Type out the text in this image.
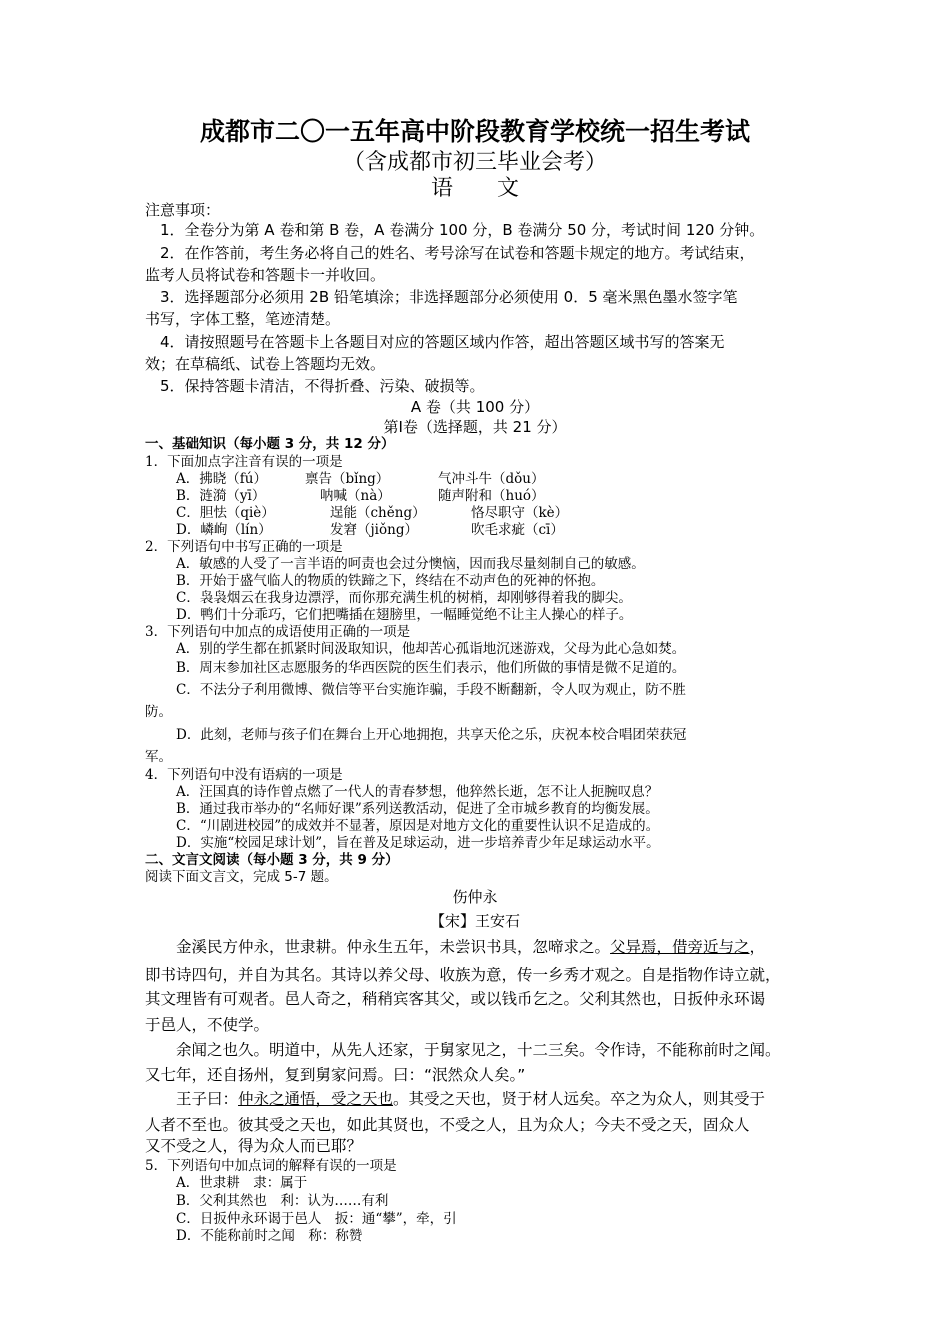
成都市二〇一五年高中阶段教育学校统一招生考试
（含成都市初三毕业会考）
语　　文
注意事项：
1．全卷分为第 A 卷和第 B 卷，A 卷满分 100 分，B 卷满分 50 分，考试时间 120 分钟。
2．在作答前，考生务必将自己的姓名、考号涂写在试卷和答题卡规定的地方。考试结束，
监考人员将试卷和答题卡一并收回。
3．选择题部分必须用 2B 铅笔填涂；非选择题部分必须使用 0．5 毫米黑色墨水签字笔
书写，字体工整，笔迹清楚。
4．请按照题号在答题卡上各题目对应的答题区域内作答，超出答题区域书写的答案无
效；在草稿纸、试卷上答题均无效。
5．保持答题卡清洁，不得折叠、污染、破损等。
A 卷（共 100 分）
第Ⅰ卷（选择题，共 21 分）
一、基础知识（每小题 3 分，共 12 分）
1．下面加点字注音有误的一项是
A．拂晓（fú）	禀告（bǐng）	气冲斗牛（dǒu）
B．涟漪（yī）	呐喊（nà）	随声附和（huó）
C．胆怯（qiè）	逞能（chěng）	恪尽职守（kè）
D．嶙峋（lín）	发窘（jiǒng）	吹毛求疵（cī）
2．下列语句中书写正确的一项是
A．敏感的人受了一言半语的呵责也会过分懊恼，因而我尽量刻制自己的敏感。
B．开始于盛气临人的物质的铁蹄之下，终结在不动声色的死神的怀抱。
C．袅袅烟云在我身边漂浮，而你那充满生机的树梢，却刚够得着我的脚尖。
D．鸭们十分乖巧，它们把嘴插在翅膀里，一幅睡觉绝不让主人操心的样子。
3．下列语句中加点的成语使用正确的一项是
A．别的学生都在抓紧时间汲取知识，他却苦心孤诣地沉迷游戏，父母为此心急如焚。
B．周末参加社区志愿服务的华西医院的医生们表示，他们所做的事情是微不足道的。
C．不法分子利用微博、微信等平台实施诈骗，手段不断翻新，令人叹为观止，防不胜
防。
D．此刻，老师与孩子们在舞台上开心地拥抱，共享天伦之乐，庆祝本校合唱团荣获冠
军。
4．下列语句中没有语病的一项是
A．汪国真的诗作曾点燃了一代人的青春梦想，他猝然长逝，怎不让人扼腕叹息？
B．通过我市举办的“名师好课”系列送教活动，促进了全市城乡教育的均衡发展。
C．“川剧进校园”的成效并不显著，原因是对地方文化的重要性认识不足造成的。
D．实施“校园足球计划”，旨在普及足球运动，进一步培养青少年足球运动水平。
二、文言文阅读（每小题 3 分，共 9 分）
阅读下面文言文，完成 5-7 题。
伤仲永
【宋】王安石
金溪民方仲永，世隶耕。仲永生五年，未尝识书具，忽啼求之。父异焉，借旁近与之，
即书诗四句，并自为其名。其诗以养父母、收族为意，传一乡秀才观之。自是指物作诗立就，
其文理皆有可观者。邑人奇之，稍稍宾客其父，或以钱币乞之。父利其然也，日扳仲永环谒
于邑人，不使学。
余闻之也久。明道中，从先人还家，于舅家见之，十二三矣。令作诗，不能称前时之闻。
又七年，还自扬州，复到舅家问焉。曰：“泯然众人矣。”
王子曰：仲永之通悟，受之天也。其受之天也，贤于材人远矣。卒之为众人，则其受于
人者不至也。彼其受之天也，如此其贤也，不受之人，且为众人；今夫不受之天，固众人
又不受之人，得为众人而已耶？
5．下列语句中加点词的解释有误的一项是
A．世隶耕　隶：属于
B．父利其然也　利：认为……有利
C．日扳仲永环谒于邑人　扳：通“攀”，牵，引
D．不能称前时之闻　称：称赞
